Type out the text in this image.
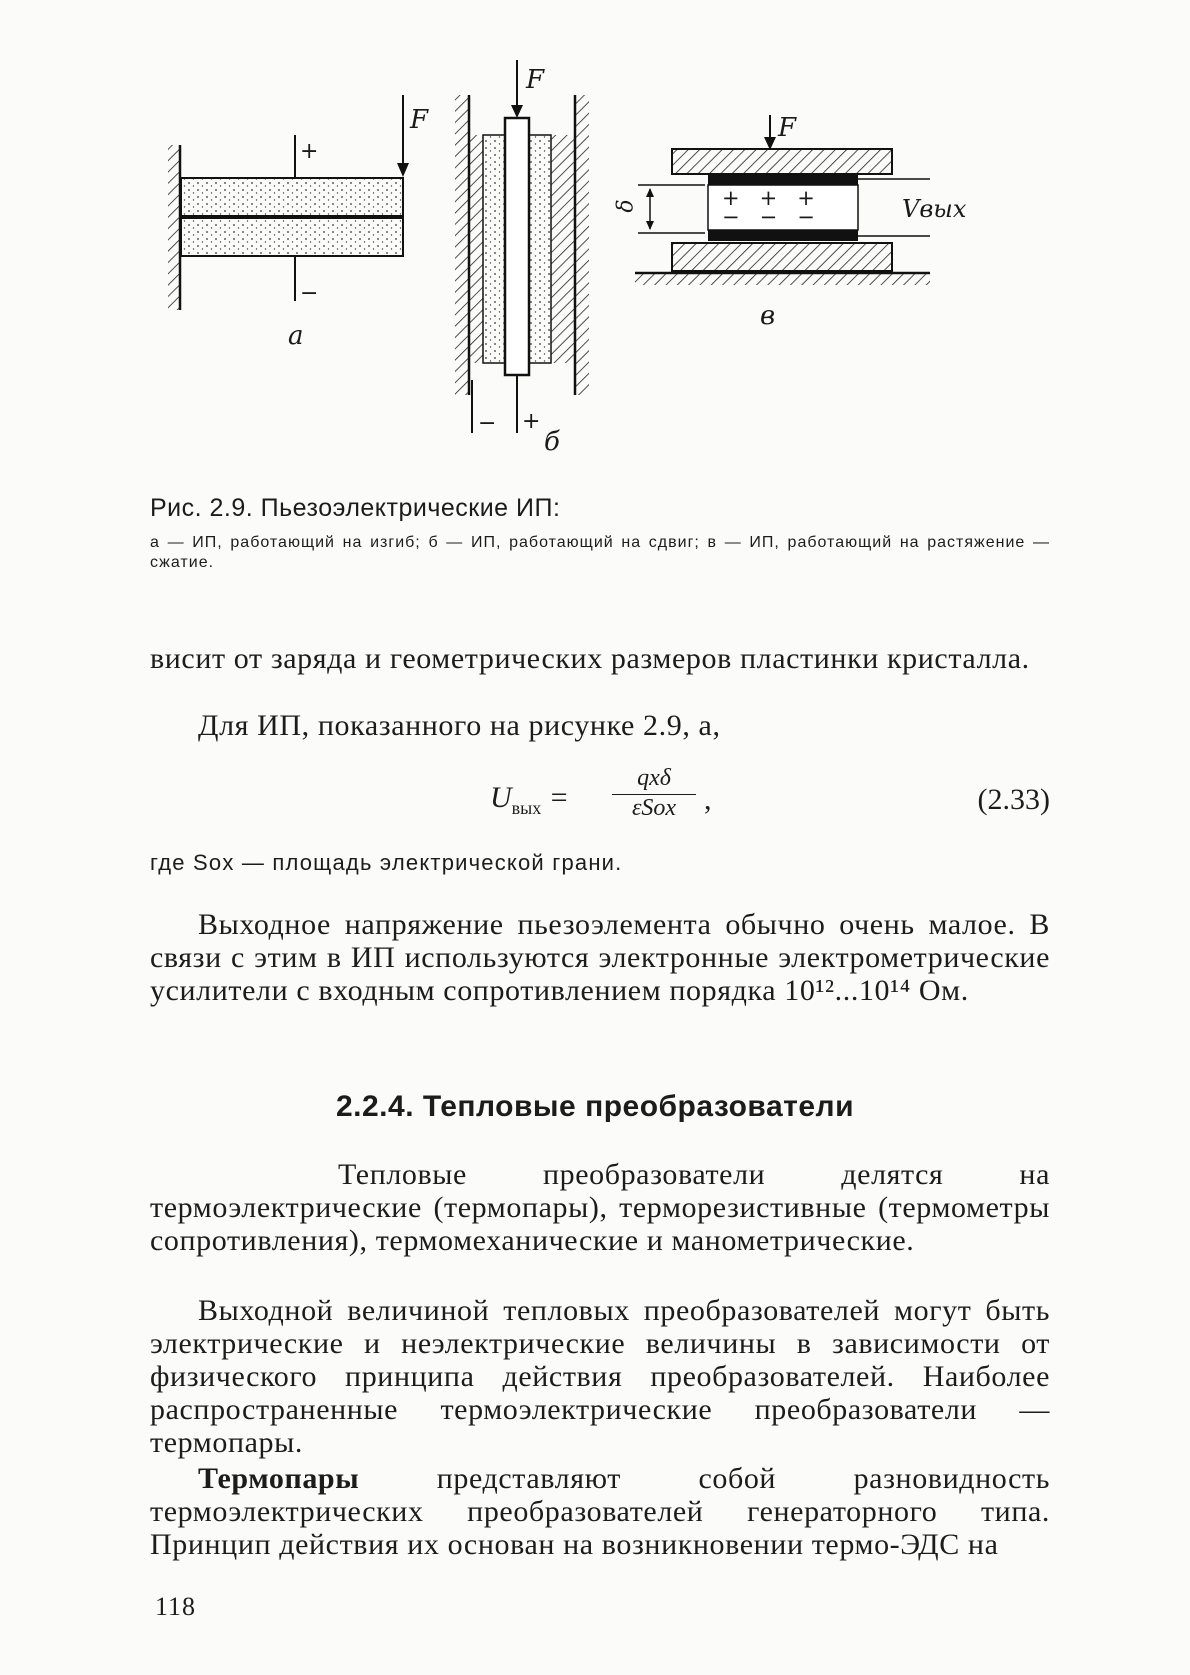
F
+
−
а
F
− +
б
F
+   +   +
−   −   −
δ	Vвых
в
Рис. 2.9. Пьезоэлектрические ИП:
а — ИП, работающий на изгиб; б — ИП, работающий на сдвиг; в — ИП, работающий на растяжение — сжатие.

висит от заряда и геометрических размеров пластинки кристалла.

Для ИП, показанного на рисунке 2.9, а,

$U_{вых}$ =
qxδ
εSox ,	(2.33)
где Sox — площадь электрической грани.

Выходное напряжение пьезоэлемента обычно очень малое. В связи с этим в ИП используются электронные электрометрические усилители с входным сопротивлением порядка 10¹²...10¹⁴ Ом.

2.2.4. Тепловые преобразователи

Тепловые преобразователи делятся на термоэлектрические (термопары), терморезистивные (термометры сопротивления), термомеханические и манометрические.

Выходной величиной тепловых преобразователей могут быть электрические и неэлектрические величины в зависимости от физического принципа действия преобразователей. Наиболее распространенные термоэлектрические преобразователи — термопары.

Термопары представляют собой разновидность термоэлектрических преобразователей генераторного типа. Принцип действия их основан на возникновении термо-ЭДС на

118
